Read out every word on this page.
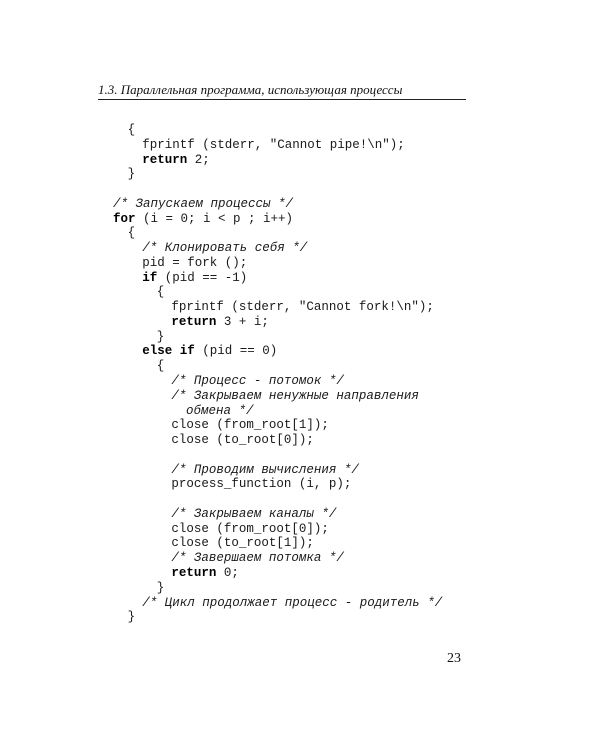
1.3. Параллельная программа, использующая процессы
{
fprintf (stderr, "Cannot pipe!\n");
return 2;
}
/* Запускаем процессы */
for (i = 0; i < p ; i++)
{
/* Клонировать себя */
pid = fork ();
if (pid == -1)
{
fprintf (stderr, "Cannot fork!\n");
return 3 + i;
}
else if (pid == 0)
{
/* Процесс - потомок */
/* Закрываем ненужные направления
обмена */
close (from_root[1]);
close (to_root[0]);
/* Проводим вычисления */
process_function (i, p);
/* Закрываем каналы */
close (from_root[0]);
close (to_root[1]);
/* Завершаем потомка */
return 0;
}
/* Цикл продолжает процесс - родитель */
}
23
